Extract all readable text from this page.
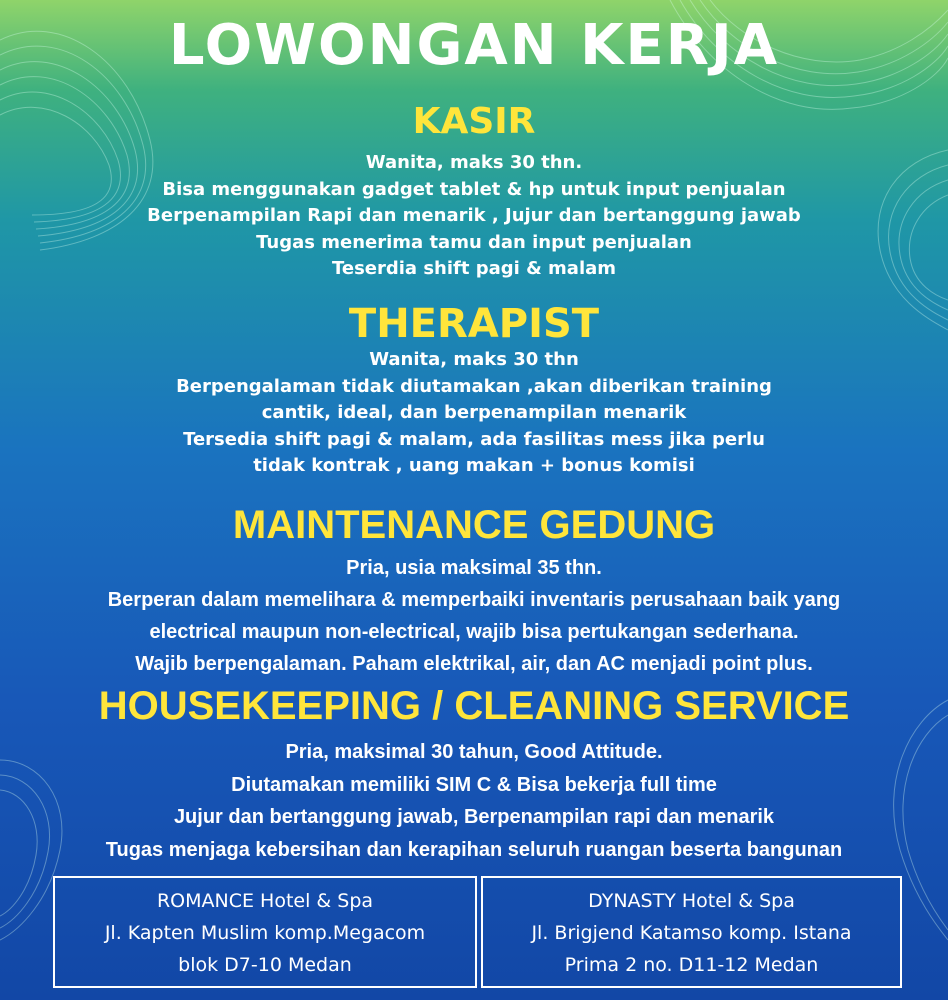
LOWONGAN KERJA
KASIR
Wanita, maks 30 thn.
Bisa menggunakan gadget tablet & hp untuk input penjualan
Berpenampilan Rapi dan menarik , Jujur dan bertanggung jawab
Tugas menerima tamu dan input penjualan
Teserdia shift pagi & malam
THERAPIST
Wanita, maks 30 thn
Berpengalaman tidak diutamakan ,akan diberikan training
cantik, ideal, dan berpenampilan menarik
Tersedia shift pagi & malam, ada fasilitas mess jika perlu
tidak kontrak , uang makan + bonus komisi
MAINTENANCE GEDUNG
Pria, usia maksimal 35 thn.
Berperan dalam memelihara & memperbaiki inventaris perusahaan baik yang
electrical maupun non-electrical, wajib bisa pertukangan sederhana.
Wajib berpengalaman. Paham elektrikal, air, dan AC menjadi point plus.
HOUSEKEEPING / CLEANING SERVICE
Pria, maksimal 30 tahun, Good Attitude.
Diutamakan memiliki SIM C & Bisa bekerja full time
Jujur dan bertanggung jawab, Berpenampilan rapi dan menarik
Tugas menjaga kebersihan dan kerapihan seluruh ruangan beserta bangunan
ROMANCE Hotel & Spa
Jl. Kapten Muslim komp.Megacom
blok D7-10 Medan
DYNASTY Hotel & Spa
Jl. Brigjend Katamso komp. Istana
Prima 2 no. D11-12 Medan
